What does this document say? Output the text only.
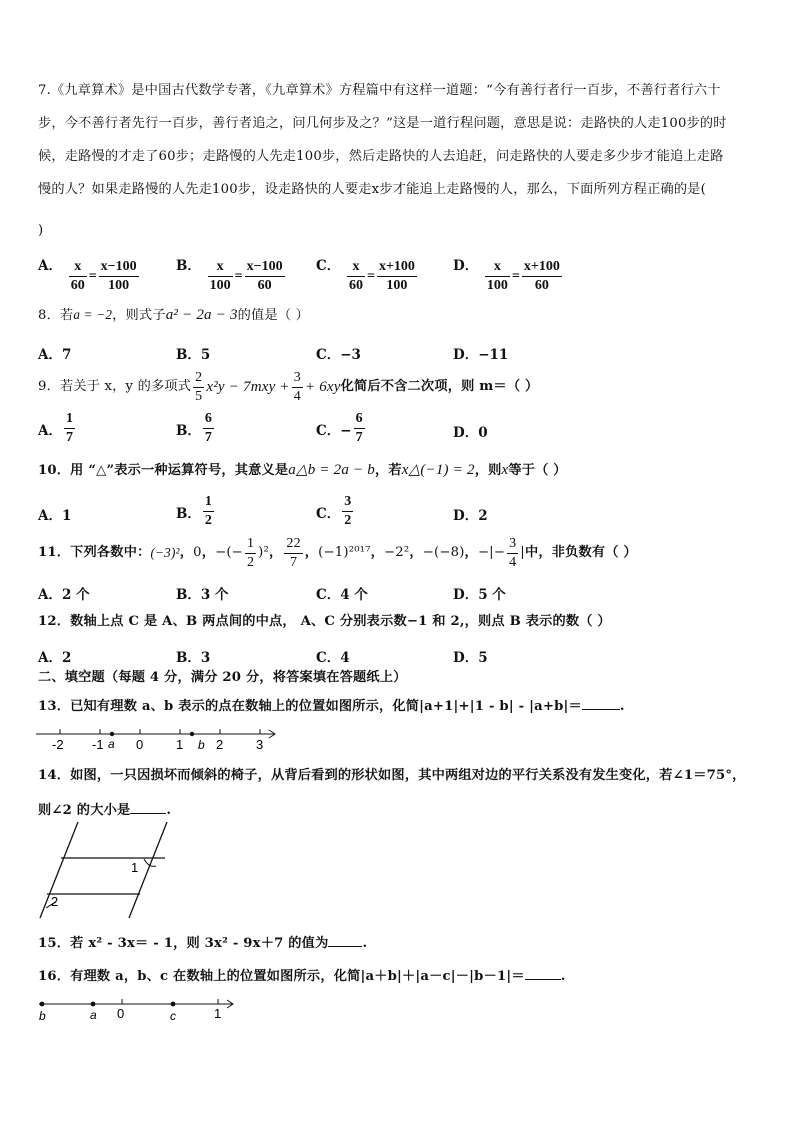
7.《九章算术》是中国古代数学专著，《九章算术》方程篇中有这样一道题：“今有善行者行一百步，不善行者行六十
步，今不善行者先行一百步，善行者追之，问几何步及之？”这是一道行程问题，意思是说：走路快的人走100步的时
候，走路慢的才走了60步；走路慢的人先走100步，然后走路快的人去追赶，问走路快的人要走多少步才能追上走路
慢的人？如果走路慢的人先走100步，设走路快的人要走x步才能追上走路慢的人，那么，下面所列方程正确的是(
)
A． $\frac{x}{60} = \frac{x-100}{100}$	B． $\frac{x}{100} = \frac{x-100}{60}$ C． $\frac{x}{60} = \frac{x+100}{100}$	D． $\frac{x}{100} = \frac{x+100}{60}$
8．若a = −2，则式子a² − 2a − 3的值是（ ）
A．7	B．5	C．−3	D．−11
9．若关于 x，y 的多项式 $\frac{2}{5} x^2y - 7mxy + \frac{3}{4} + 6xy$ 化简后不含二次项，则 m＝（ ）
A． $\frac{1}{7}$	B． $\frac{6}{7}$	C．− $\frac{6}{7}$	D．0
10．用 “△”表示一种运算符号，其意义是a△b = 2a − b，若x△(−1) = 2，则x等于（ ）
A．1	B． $\frac{1}{2}$	C． $\frac{3}{2}$	D．2
11．下列各数中： (−3)² ， 0 ， −(− $\frac{1}{2} )^2$ ， $\frac{22}{7}$ ， (−1)²⁰¹⁷ ， −2² ， −(−8) ， −|− $\frac{3}{4}$ | 中，非负数有（ ）
A．2 个	B．3 个	C．4 个	D．5 个
12．数轴上点 C 是 A、B 两点间的中点， A、C 分别表示数−1 和 2,，则点 B 表示的数（ ）
A．2	B．3	C．4	D．5
二、填空题（每题 4 分，满分 20 分，将答案填在答题纸上）
13．已知有理数 a、b 表示的点在数轴上的位置如图所示，化简|a+1|+|1 - b| - |a+b|＝	.
-2 -1 0	1	2	3
a	b
14．如图，一只因损坏而倾斜的椅子，从背后看到的形状如图，其中两组对边的平行关系没有发生变化，若∠1＝75°，
则∠2 的大小是	.
1
2
15．若 x² - 3x＝ - 1，则 3x² - 9x＋7 的值为	.
16．有理数 a，b、c 在数轴上的位置如图所示，化简|a＋b|＋|a－c|－|b－1|＝	.
b	a	c
0	1
